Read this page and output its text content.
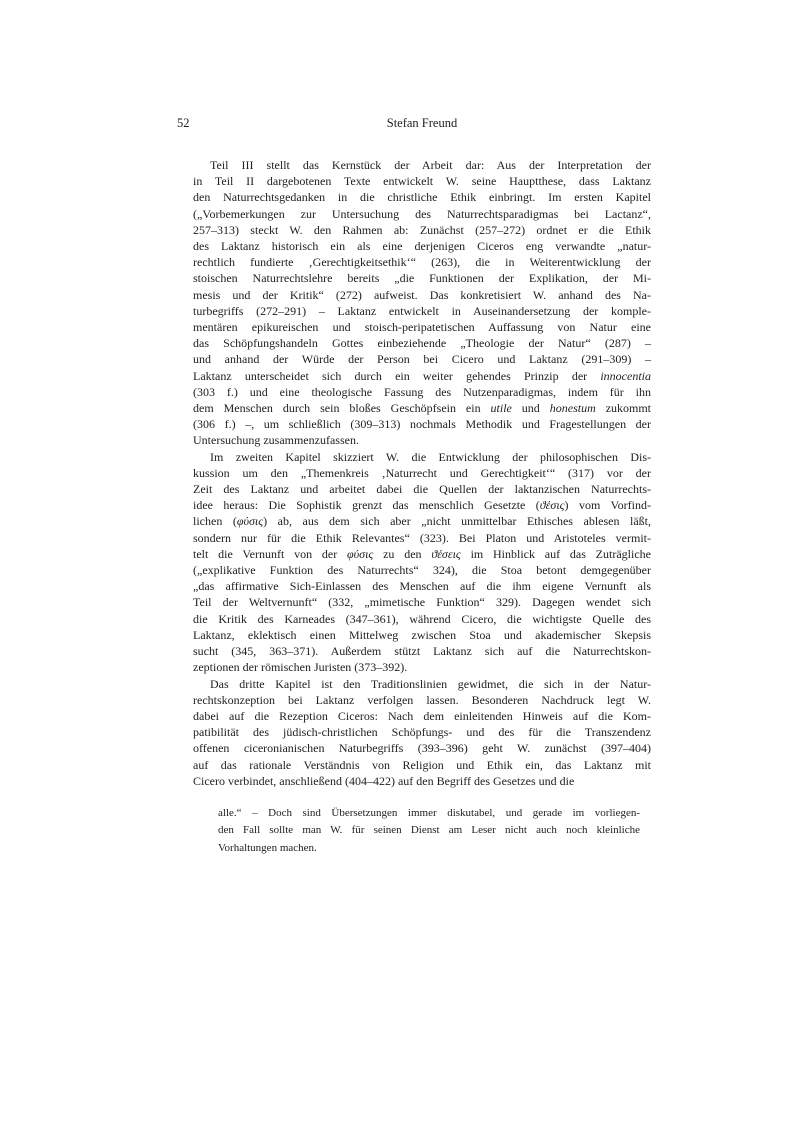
52	Stefan Freund
Teil III stellt das Kernstück der Arbeit dar: Aus der Interpretation der
in Teil II dargebotenen Texte entwickelt W. seine Hauptthese, dass Laktanz
den Naturrechtsgedanken in die christliche Ethik einbringt. Im ersten Kapitel
(„Vorbemerkungen zur Untersuchung des Naturrechtsparadigmas bei Lactanz“,
257–313) steckt W. den Rahmen ab: Zunächst (257–272) ordnet er die Ethik
des Laktanz historisch ein als eine derjenigen Ciceros eng verwandte „natur-
rechtlich fundierte ‚Gerechtigkeitsethik‘“ (263), die in Weiterentwicklung der
stoischen Naturrechtslehre bereits „die Funktionen der Explikation, der Mi-
mesis und der Kritik“ (272) aufweist. Das konkretisiert W. anhand des Na-
turbegriffs (272–291) – Laktanz entwickelt in Auseinandersetzung der komple-
mentären epikureischen und stoisch-peripatetischen Auffassung von Natur eine
das Schöpfungshandeln Gottes einbeziehende „Theologie der Natur“ (287) –
und anhand der Würde der Person bei Cicero und Laktanz (291–309) –
Laktanz unterscheidet sich durch ein weiter gehendes Prinzip der innocentia
(303 f.) und eine theologische Fassung des Nutzenparadigmas, indem für ihn
dem Menschen durch sein bloßes Geschöpfsein ein utile und honestum zukommt
(306 f.) –, um schließlich (309–313) nochmals Methodik und Fragestellungen der
Untersuchung zusammenzufassen.
Im zweiten Kapitel skizziert W. die Entwicklung der philosophischen Dis-
kussion um den „Themenkreis ‚Naturrecht und Gerechtigkeit‘“ (317) vor der
Zeit des Laktanz und arbeitet dabei die Quellen der laktanzischen Naturrechts-
idee heraus: Die Sophistik grenzt das menschlich Gesetzte (ϑέσις) vom Vorfind-
lichen (φύσις) ab, aus dem sich aber „nicht unmittelbar Ethisches ablesen läßt,
sondern nur für die Ethik Relevantes“ (323). Bei Platon und Aristoteles vermit-
telt die Vernunft von der φύσις zu den ϑέσεις im Hinblick auf das Zuträgliche
(„explikative Funktion des Naturrechts“ 324), die Stoa betont demgegenüber
„das affirmative Sich-Einlassen des Menschen auf die ihm eigene Vernunft als
Teil der Weltvernunft“ (332, „mimetische Funktion“ 329). Dagegen wendet sich
die Kritik des Karneades (347–361), während Cicero, die wichtigste Quelle des
Laktanz, eklektisch einen Mittelweg zwischen Stoa und akademischer Skepsis
sucht (345, 363–371). Außerdem stützt Laktanz sich auf die Naturrechtskon-
zeptionen der römischen Juristen (373–392).
Das dritte Kapitel ist den Traditionslinien gewidmet, die sich in der Natur-
rechtskonzeption bei Laktanz verfolgen lassen. Besonderen Nachdruck legt W.
dabei auf die Rezeption Ciceros: Nach dem einleitenden Hinweis auf die Kom-
patibilität des jüdisch-christlichen Schöpfungs- und des für die Transzendenz
offenen ciceronianischen Naturbegriffs (393–396) geht W. zunächst (397–404)
auf das rationale Verständnis von Religion und Ethik ein, das Laktanz mit
Cicero verbindet, anschließend (404–422) auf den Begriff des Gesetzes und die
alle.“ – Doch sind Übersetzungen immer diskutabel, und gerade im vorliegen-
den Fall sollte man W. für seinen Dienst am Leser nicht auch noch kleinliche
Vorhaltungen machen.
